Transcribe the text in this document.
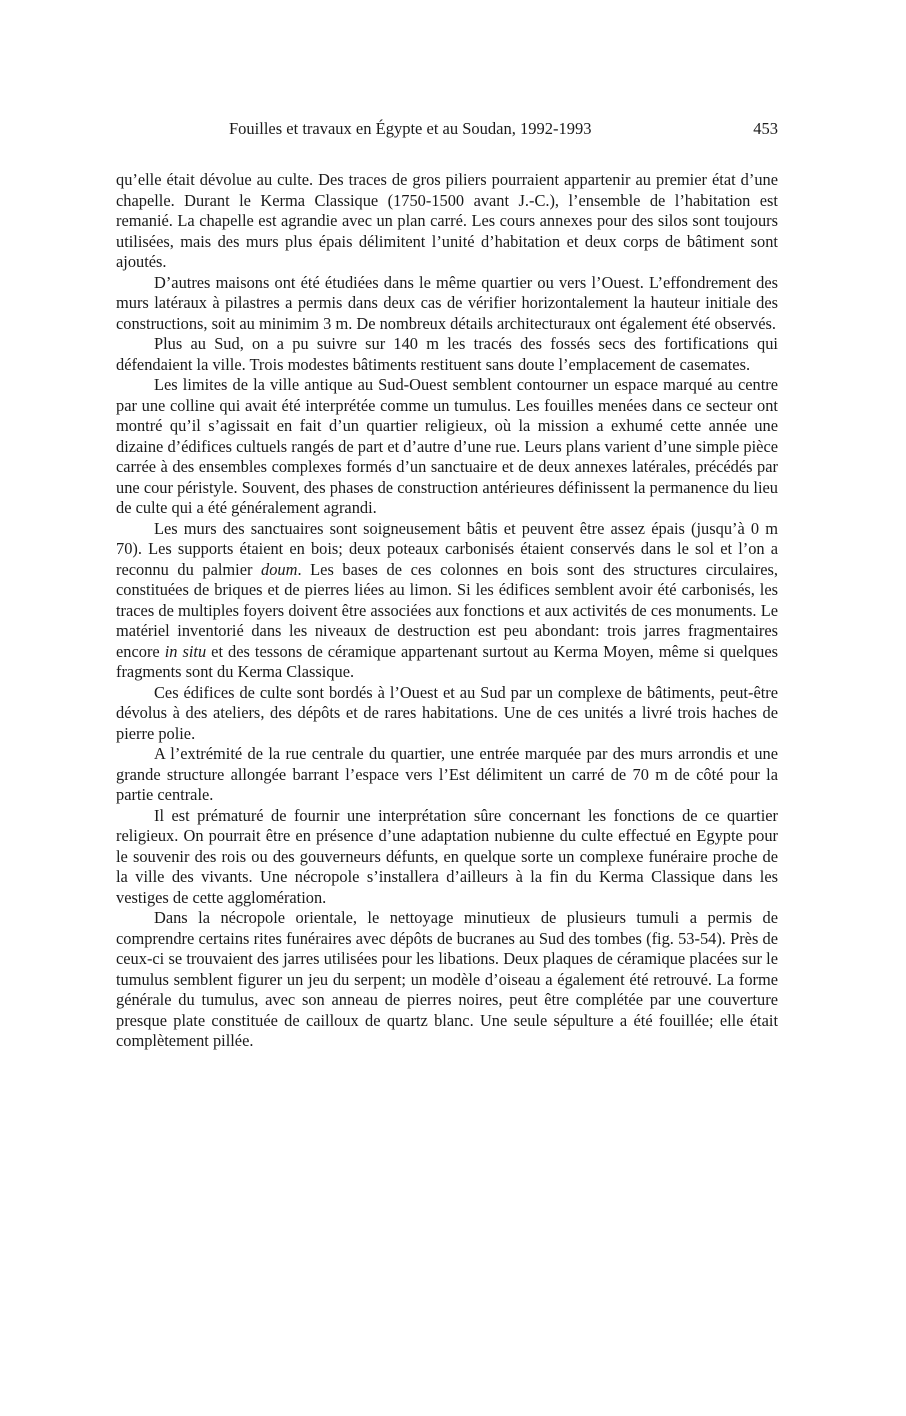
Fouilles et travaux en Égypte et au Soudan, 1992-1993	453

qu’elle était dévolue au culte. Des traces de gros piliers pourraient appartenir au premier état d’une chapelle. Durant le Kerma Classique (1750-1500 avant J.-C.), l’ensemble de l’habitation est remanié. La chapelle est agrandie avec un plan carré. Les cours annexes pour des silos sont toujours utilisées, mais des murs plus épais délimitent l’unité d’habitation et deux corps de bâtiment sont ajoutés.

D’autres maisons ont été étudiées dans le même quartier ou vers l’Ouest. L’effondrement des murs latéraux à pilastres a permis dans deux cas de vérifier horizontalement la hauteur initiale des constructions, soit au minimim 3 m. De nombreux détails architecturaux ont également été observés.

Plus au Sud, on a pu suivre sur 140 m les tracés des fossés secs des fortifications qui défendaient la ville. Trois modestes bâtiments restituent sans doute l’emplacement de casemates.

Les limites de la ville antique au Sud-Ouest semblent contourner un espace marqué au centre par une colline qui avait été interprétée comme un tumulus. Les fouilles menées dans ce secteur ont montré qu’il s’agissait en fait d’un quartier religieux, où la mission a exhumé cette année une dizaine d’édifices cultuels rangés de part et d’autre d’une rue. Leurs plans varient d’une simple pièce carrée à des ensembles complexes formés d’un sanctuaire et de deux annexes latérales, précédés par une cour péristyle. Souvent, des phases de construction antérieures définissent la permanence du lieu de culte qui a été généralement agrandi.

Les murs des sanctuaires sont soigneusement bâtis et peuvent être assez épais (jusqu’à 0 m 70). Les supports étaient en bois; deux poteaux carbonisés étaient conservés dans le sol et l’on a reconnu du palmier doum. Les bases de ces colonnes en bois sont des structures circulaires, constituées de briques et de pierres liées au limon. Si les édifices semblent avoir été carbonisés, les traces de multiples foyers doivent être associées aux fonctions et aux activités de ces monuments. Le matériel inventorié dans les niveaux de destruction est peu abondant: trois jarres fragmentaires encore in situ et des tessons de céramique appartenant surtout au Kerma Moyen, même si quelques fragments sont du Kerma Classique.

Ces édifices de culte sont bordés à l’Ouest et au Sud par un complexe de bâtiments, peut-être dévolus à des ateliers, des dépôts et de rares habitations. Une de ces unités a livré trois haches de pierre polie.

A l’extrémité de la rue centrale du quartier, une entrée marquée par des murs arrondis et une grande structure allongée barrant l’espace vers l’Est délimitent un carré de 70 m de côté pour la partie centrale.

Il est prématuré de fournir une interprétation sûre concernant les fonctions de ce quartier religieux. On pourrait être en présence d’une adaptation nubienne du culte effectué en Egypte pour le souvenir des rois ou des gouverneurs défunts, en quelque sorte un complexe funéraire proche de la ville des vivants. Une nécropole s’installera d’ailleurs à la fin du Kerma Classique dans les vestiges de cette agglomération.

Dans la nécropole orientale, le nettoyage minutieux de plusieurs tumuli a permis de comprendre certains rites funéraires avec dépôts de bucranes au Sud des tombes (fig. 53-54). Près de ceux-ci se trouvaient des jarres utilisées pour les libations. Deux plaques de céramique placées sur le tumulus semblent figurer un jeu du serpent; un modèle d’oiseau a également été retrouvé. La forme générale du tumulus, avec son anneau de pierres noires, peut être complétée par une couverture presque plate constituée de cailloux de quartz blanc. Une seule sépulture a été fouillée; elle était complètement pillée.
